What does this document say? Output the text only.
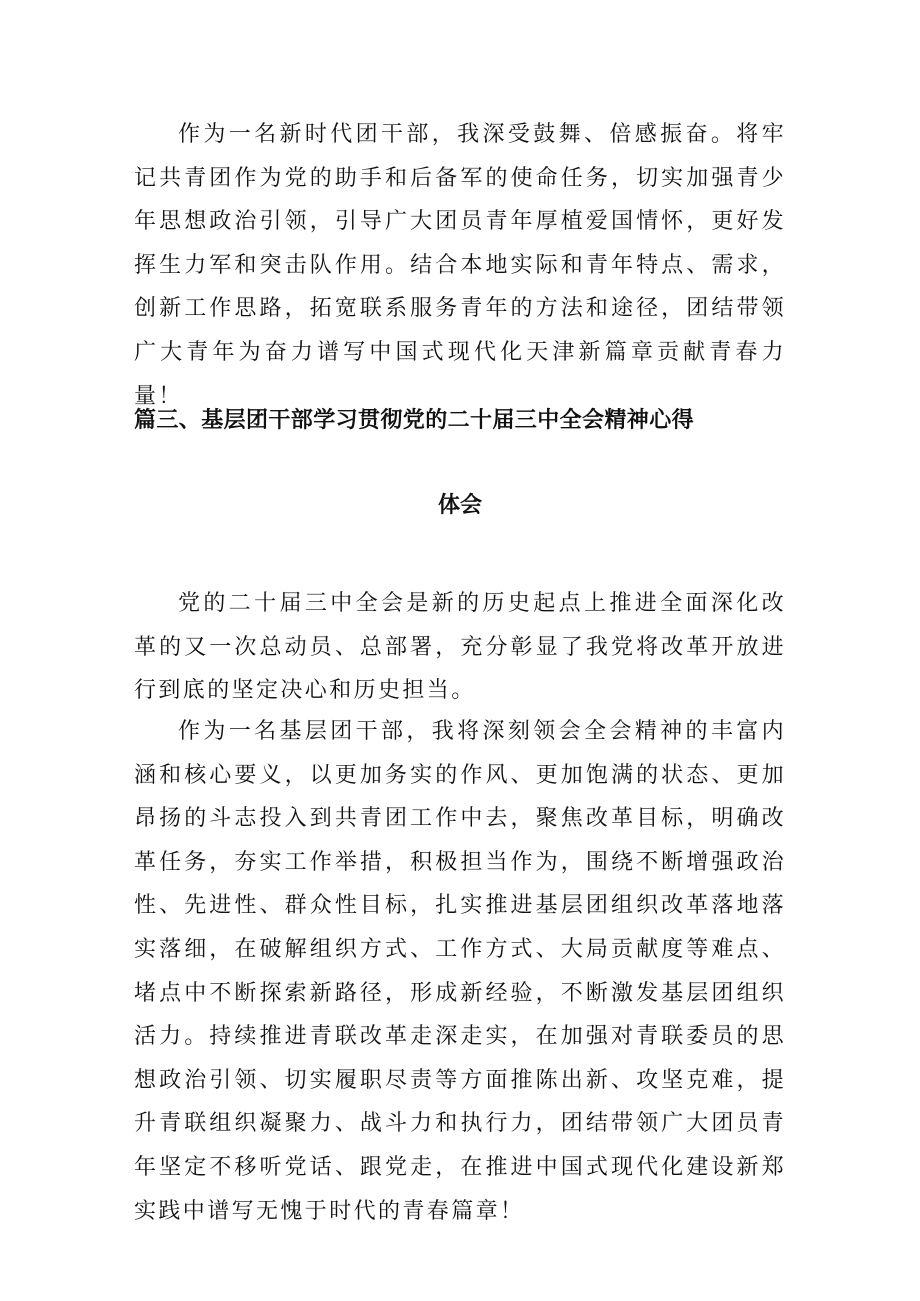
作为一名新时代团干部，我深受鼓舞、倍感振奋。将牢记共青团作为党的助手和后备军的使命任务，切实加强青少年思想政治引领，引导广大团员青年厚植爱国情怀，更好发挥生力军和突击队作用。结合本地实际和青年特点、需求，创新工作思路，拓宽联系服务青年的方法和途径，团结带领广大青年为奋力谱写中国式现代化天津新篇章贡献青春力量！

篇三、基层团干部学习贯彻党的二十届三中全会精神心得
体会

党的二十届三中全会是新的历史起点上推进全面深化改革的又一次总动员、总部署，充分彰显了我党将改革开放进行到底的坚定决心和历史担当。

作为一名基层团干部，我将深刻领会全会精神的丰富内涵和核心要义，以更加务实的作风、更加饱满的状态、更加昂扬的斗志投入到共青团工作中去，聚焦改革目标，明确改革任务，夯实工作举措，积极担当作为，围绕不断增强政治性、先进性、群众性目标，扎实推进基层团组织改革落地落实落细，在破解组织方式、工作方式、大局贡献度等难点、堵点中不断探索新路径，形成新经验，不断激发基层团组织活力。持续推进青联改革走深走实，在加强对青联委员的思想政治引领、切实履职尽责等方面推陈出新、攻坚克难，提升青联组织凝聚力、战斗力和执行力，团结带领广大团员青年坚定不移听党话、跟党走，在推进中国式现代化建设新郑实践中谱写无愧于时代的青春篇章！
